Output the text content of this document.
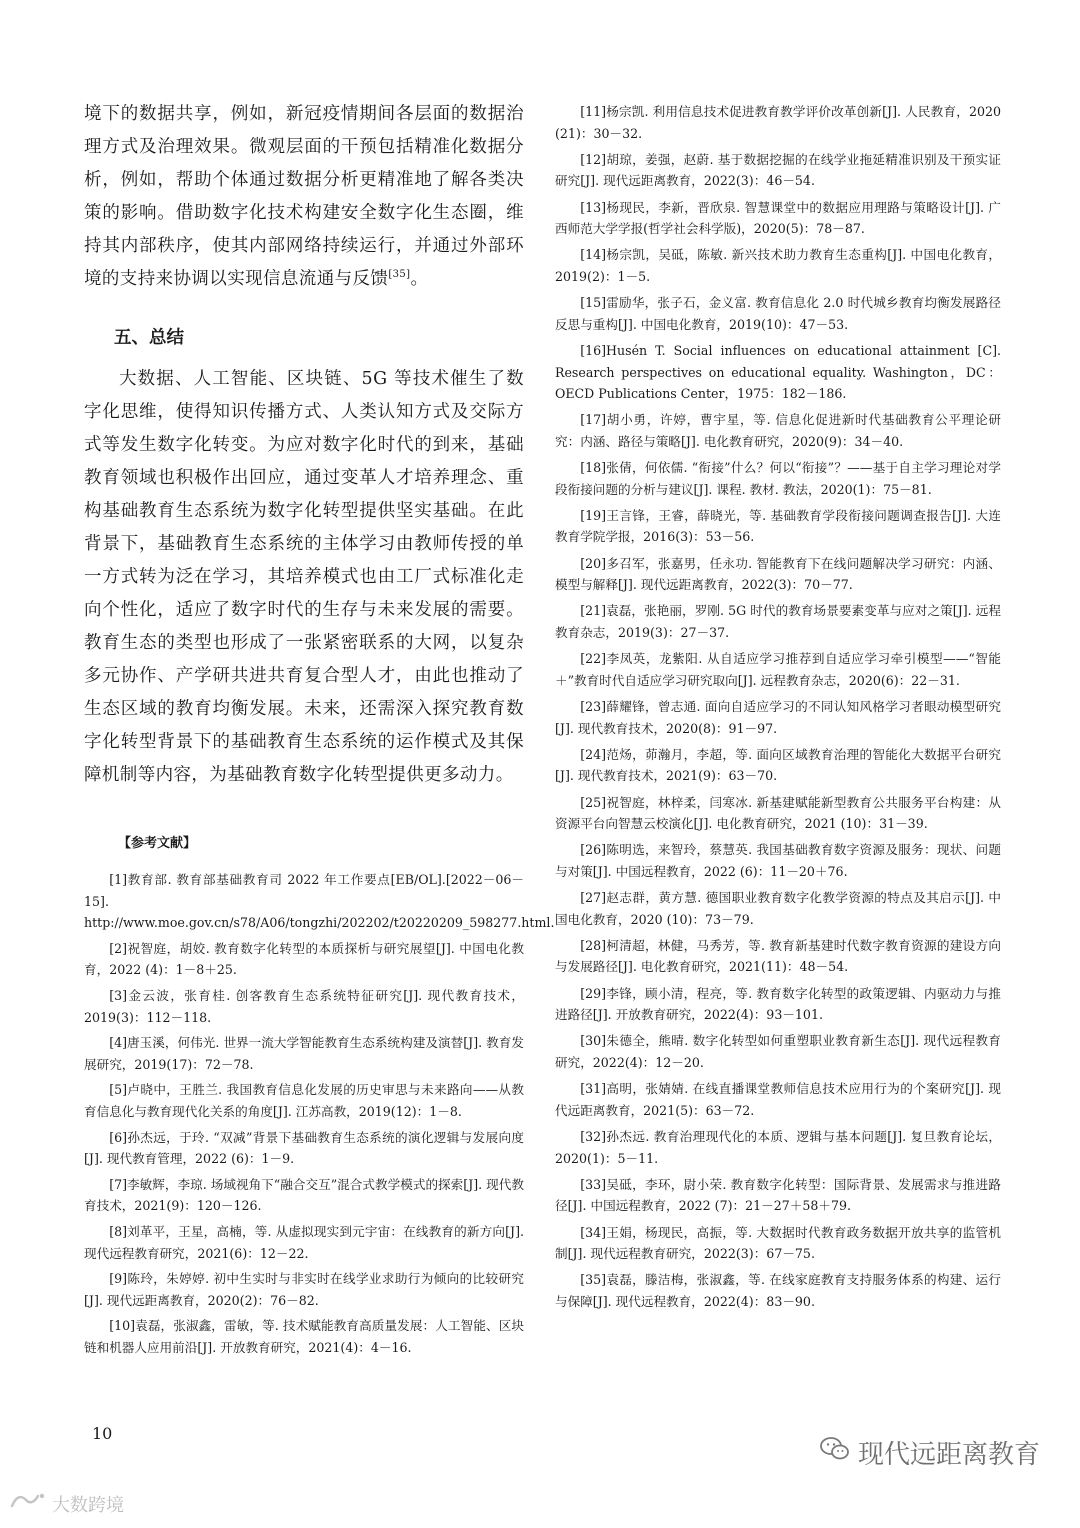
境下的数据共享，例如，新冠疫情期间各层面的数据治理方式及治理效果。微观层面的干预包括精准化数据分析，例如，帮助个体通过数据分析更精准地了解各类决策的影响。借助数字化技术构建安全数字化生态圈，维持其内部秩序，使其内部网络持续运行，并通过外部环境的支持来协调以实现信息流通与反馈[35]。

五、总结

大数据、人工智能、区块链、5G 等技术催生了数字化思维，使得知识传播方式、人类认知方式及交际方式等发生数字化转变。为应对数字化时代的到来，基础教育领域也积极作出回应，通过变革人才培养理念、重构基础教育生态系统为数字化转型提供坚实基础。在此背景下，基础教育生态系统的主体学习由教师传授的单一方式转为泛在学习，其培养模式也由工厂式标准化走向个性化，适应了数字时代的生存与未来发展的需要。教育生态的类型也形成了一张紧密联系的大网，以复杂多元协作、产学研共进共育复合型人才，由此也推动了生态区域的教育均衡发展。未来，还需深入探究教育数字化转型背景下的基础教育生态系统的运作模式及其保障机制等内容，为基础教育数字化转型提供更多动力。

【参考文献】

[1]教育部. 教育部基础教育司 2022 年工作要点[EB/OL].[2022－06－15]. http://www.moe.gov.cn/s78/A06/tongzhi/202202/t20220209_598277.html.

[2]祝智庭，胡姣. 教育数字化转型的本质探析与研究展望[J]. 中国电化教育，2022 (4)：1－8＋25.

[3]金云波，张育桂. 创客教育生态系统特征研究[J]. 现代教育技术，2019(3)：112－118.

[4]唐玉溪，何伟光. 世界一流大学智能教育生态系统构建及演替[J]. 教育发展研究，2019(17)：72－78.

[5]卢晓中，王胜兰. 我国教育信息化发展的历史审思与未来路向——从教育信息化与教育现代化关系的角度[J]. 江苏高教，2019(12)：1－8.

[6]孙杰远，于玲. “双减”背景下基础教育生态系统的演化逻辑与发展向度[J]. 现代教育管理，2022 (6)：1－9.

[7]李敏辉，李琼. 场域视角下“融合交互”混合式教学模式的探索[J]. 现代教育技术，2021(9)：120－126.

[8]刘革平，王星，高楠，等. 从虚拟现实到元宇宙：在线教育的新方向[J]. 现代远程教育研究，2021(6)：12－22.

[9]陈玲，朱婷婷. 初中生实时与非实时在线学业求助行为倾向的比较研究[J]. 现代远距离教育，2020(2)：76－82.

[10]袁磊，张淑鑫，雷敏，等. 技术赋能教育高质量发展：人工智能、区块链和机器人应用前沿[J]. 开放教育研究，2021(4)：4－16.

[11]杨宗凯. 利用信息技术促进教育教学评价改革创新[J]. 人民教育，2020 (21)：30－32.

[12]胡琼，姜强，赵蔚. 基于数据挖掘的在线学业拖延精准识别及干预实证研究[J]. 现代远距离教育，2022(3)：46－54.

[13]杨现民，李新，晋欣泉. 智慧课堂中的数据应用理路与策略设计[J]. 广西师范大学学报(哲学社会科学版)，2020(5)：78－87.

[14]杨宗凯，吴砥，陈敏. 新兴技术助力教育生态重构[J]. 中国电化教育，2019(2)：1－5.

[15]雷励华，张子石，金义富. 教育信息化 2.0 时代城乡教育均衡发展路径反思与重构[J]. 中国电化教育，2019(10)：47－53.

[16]Husén T. Social influences on educational attainment [C]. Research perspectives on educational equality. Washington，DC：OECD Publications Center，1975：182－186.

[17]胡小勇，许婷，曹宇星，等. 信息化促进新时代基础教育公平理论研究：内涵、路径与策略[J]. 电化教育研究，2020(9)：34－40.

[18]张倩，何依儒. “衔接”什么？何以“衔接”？——基于自主学习理论对学段衔接问题的分析与建议[J]. 课程. 教材. 教法，2020(1)：75－81.

[19]王言锋，王睿，薛晓光，等. 基础教育学段衔接问题调查报告[J]. 大连教育学院学报，2016(3)：53－56.

[20]多召军，张嘉男，任永功. 智能教育下在线问题解决学习研究：内涵、模型与解释[J]. 现代远距离教育，2022(3)：70－77.

[21]袁磊，张艳丽，罗刚. 5G 时代的教育场景要素变革与应对之策[J]. 远程教育杂志，2019(3)：27－37.

[22]李凤英，龙紫阳. 从自适应学习推荐到自适应学习牵引模型——“智能＋”教育时代自适应学习研究取向[J]. 远程教育杂志，2020(6)：22－31.

[23]薛耀锋，曾志通. 面向自适应学习的不同认知风格学习者眼动模型研究[J]. 现代教育技术，2020(8)：91－97.

[24]范炀，茆瀚月，李超，等. 面向区域教育治理的智能化大数据平台研究[J]. 现代教育技术，2021(9)：63－70.

[25]祝智庭，林梓柔，闫寒冰. 新基建赋能新型教育公共服务平台构建：从资源平台向智慧云校演化[J]. 电化教育研究，2021 (10)：31－39.

[26]陈明选，来智玲，蔡慧英. 我国基础教育数字资源及服务：现状、问题与对策[J]. 中国远程教育，2022 (6)：11－20＋76.

[27]赵志群，黄方慧. 德国职业教育数字化教学资源的特点及其启示[J]. 中国电化教育，2020 (10)：73－79.

[28]柯清超，林健，马秀芳，等. 教育新基建时代数字教育资源的建设方向与发展路径[J]. 电化教育研究，2021(11)：48－54.

[29]李锋，顾小清，程亮，等. 教育数字化转型的政策逻辑、内驱动力与推进路径[J]. 开放教育研究，2022(4)：93－101.

[30]朱德全，熊晴. 数字化转型如何重塑职业教育新生态[J]. 现代远程教育研究，2022(4)：12－20.

[31]高明，张婧婧. 在线直播课堂教师信息技术应用行为的个案研究[J]. 现代远距离教育，2021(5)：63－72.

[32]孙杰远. 教育治理现代化的本质、逻辑与基本问题[J]. 复旦教育论坛，2020(1)：5－11.

[33]吴砥，李环，尉小荣. 教育数字化转型：国际背景、发展需求与推进路径[J]. 中国远程教育，2022 (7)：21－27＋58＋79.

[34]王娟，杨现民，高振，等. 大数据时代教育政务数据开放共享的监管机制[J]. 现代远程教育研究，2022(3)：67－75.

[35]袁磊，滕洁梅，张淑鑫，等. 在线家庭教育支持服务体系的构建、运行与保障[J]. 现代远程教育，2022(4)：83－90.

10
现代远距离教育
大数跨境
